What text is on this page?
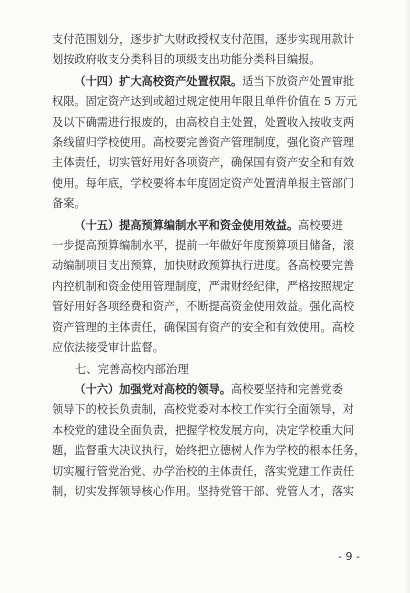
支付范围划分，逐步扩大财政授权支付范围，逐步实现用款计
划按政府收支分类科目的项级支出功能分类科目编报。
（十四）扩大高校资产处置权限。适当下放资产处置审批
权限。固定资产达到或超过规定使用年限且单件价值在 5 万元
及以下确需进行报废的，由高校自主处置，处置收入按收支两
条线留归学校使用。高校要完善资产管理制度，强化资产管理
主体责任，切实管好用好各项资产，确保国有资产安全和有效
使用。每年底，学校要将本年度固定资产处置清单报主管部门
备案。
（十五）提高预算编制水平和资金使用效益。高校要进
一步提高预算编制水平，提前一年做好年度预算项目储备，滚
动编制项目支出预算，加快财政预算执行进度。各高校要完善
内控机制和资金使用管理制度，严肃财经纪律，严格按照规定
管好用好各项经费和资产，不断提高资金使用效益。强化高校
资产管理的主体责任，确保国有资产的安全和有效使用。高校
应依法接受审计监督。
七、完善高校内部治理
（十六）加强党对高校的领导。高校要坚持和完善党委
领导下的校长负责制，高校党委对本校工作实行全面领导，对
本校党的建设全面负责，把握学校发展方向，决定学校重大问
题，监督重大决议执行，始终把立德树人作为学校的根本任务，
切实履行管党治党、办学治校的主体责任，落实党建工作责任
制，切实发挥领导核心作用。坚持党管干部、党管人才，落实
- 9 -
